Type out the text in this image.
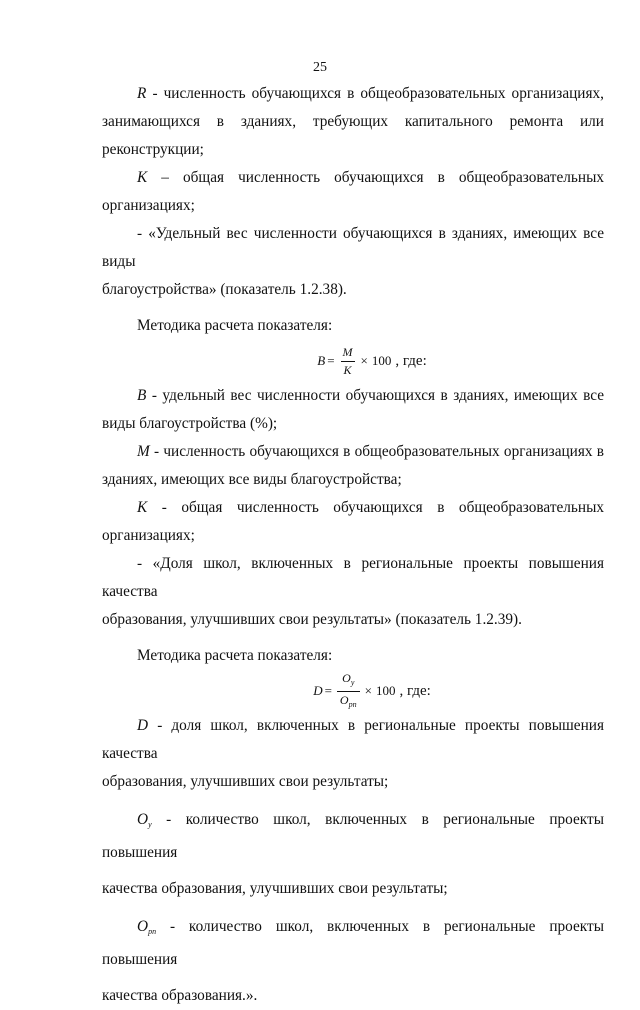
25

R - численность обучающихся в общеобразовательных организациях,

занимающихся в зданиях, требующих капитального ремонта или

реконструкции;

K – общая численность обучающихся в общеобразовательных

организациях;

- «Удельный вес численности обучающихся в зданиях, имеющих все виды

благоустройства» (показатель 1.2.38).

Методика расчета показателя:

$B = \frac{M}{K} \times 100$ , где:

B - удельный вес численности обучающихся в зданиях, имеющих все

виды благоустройства (%);

M - численность обучающихся в общеобразовательных организациях в

зданиях, имеющих все виды благоустройства;

K - общая численность обучающихся в общеобразовательных

организациях;

- «Доля школ, включенных в региональные проекты повышения качества

образования, улучшивших свои результаты» (показатель 1.2.39).

Методика расчета показателя:

$D = \frac{O_у}{O_{рп}} \times 100$ , где:

D - доля школ, включенных в региональные проекты повышения качества

образования, улучшивших свои результаты;

$O_у$ - количество школ, включенных в региональные проекты повышения

качества образования, улучшивших свои результаты;

$O_{рп}$ - количество школ, включенных в региональные проекты повышения

качества образования.».
